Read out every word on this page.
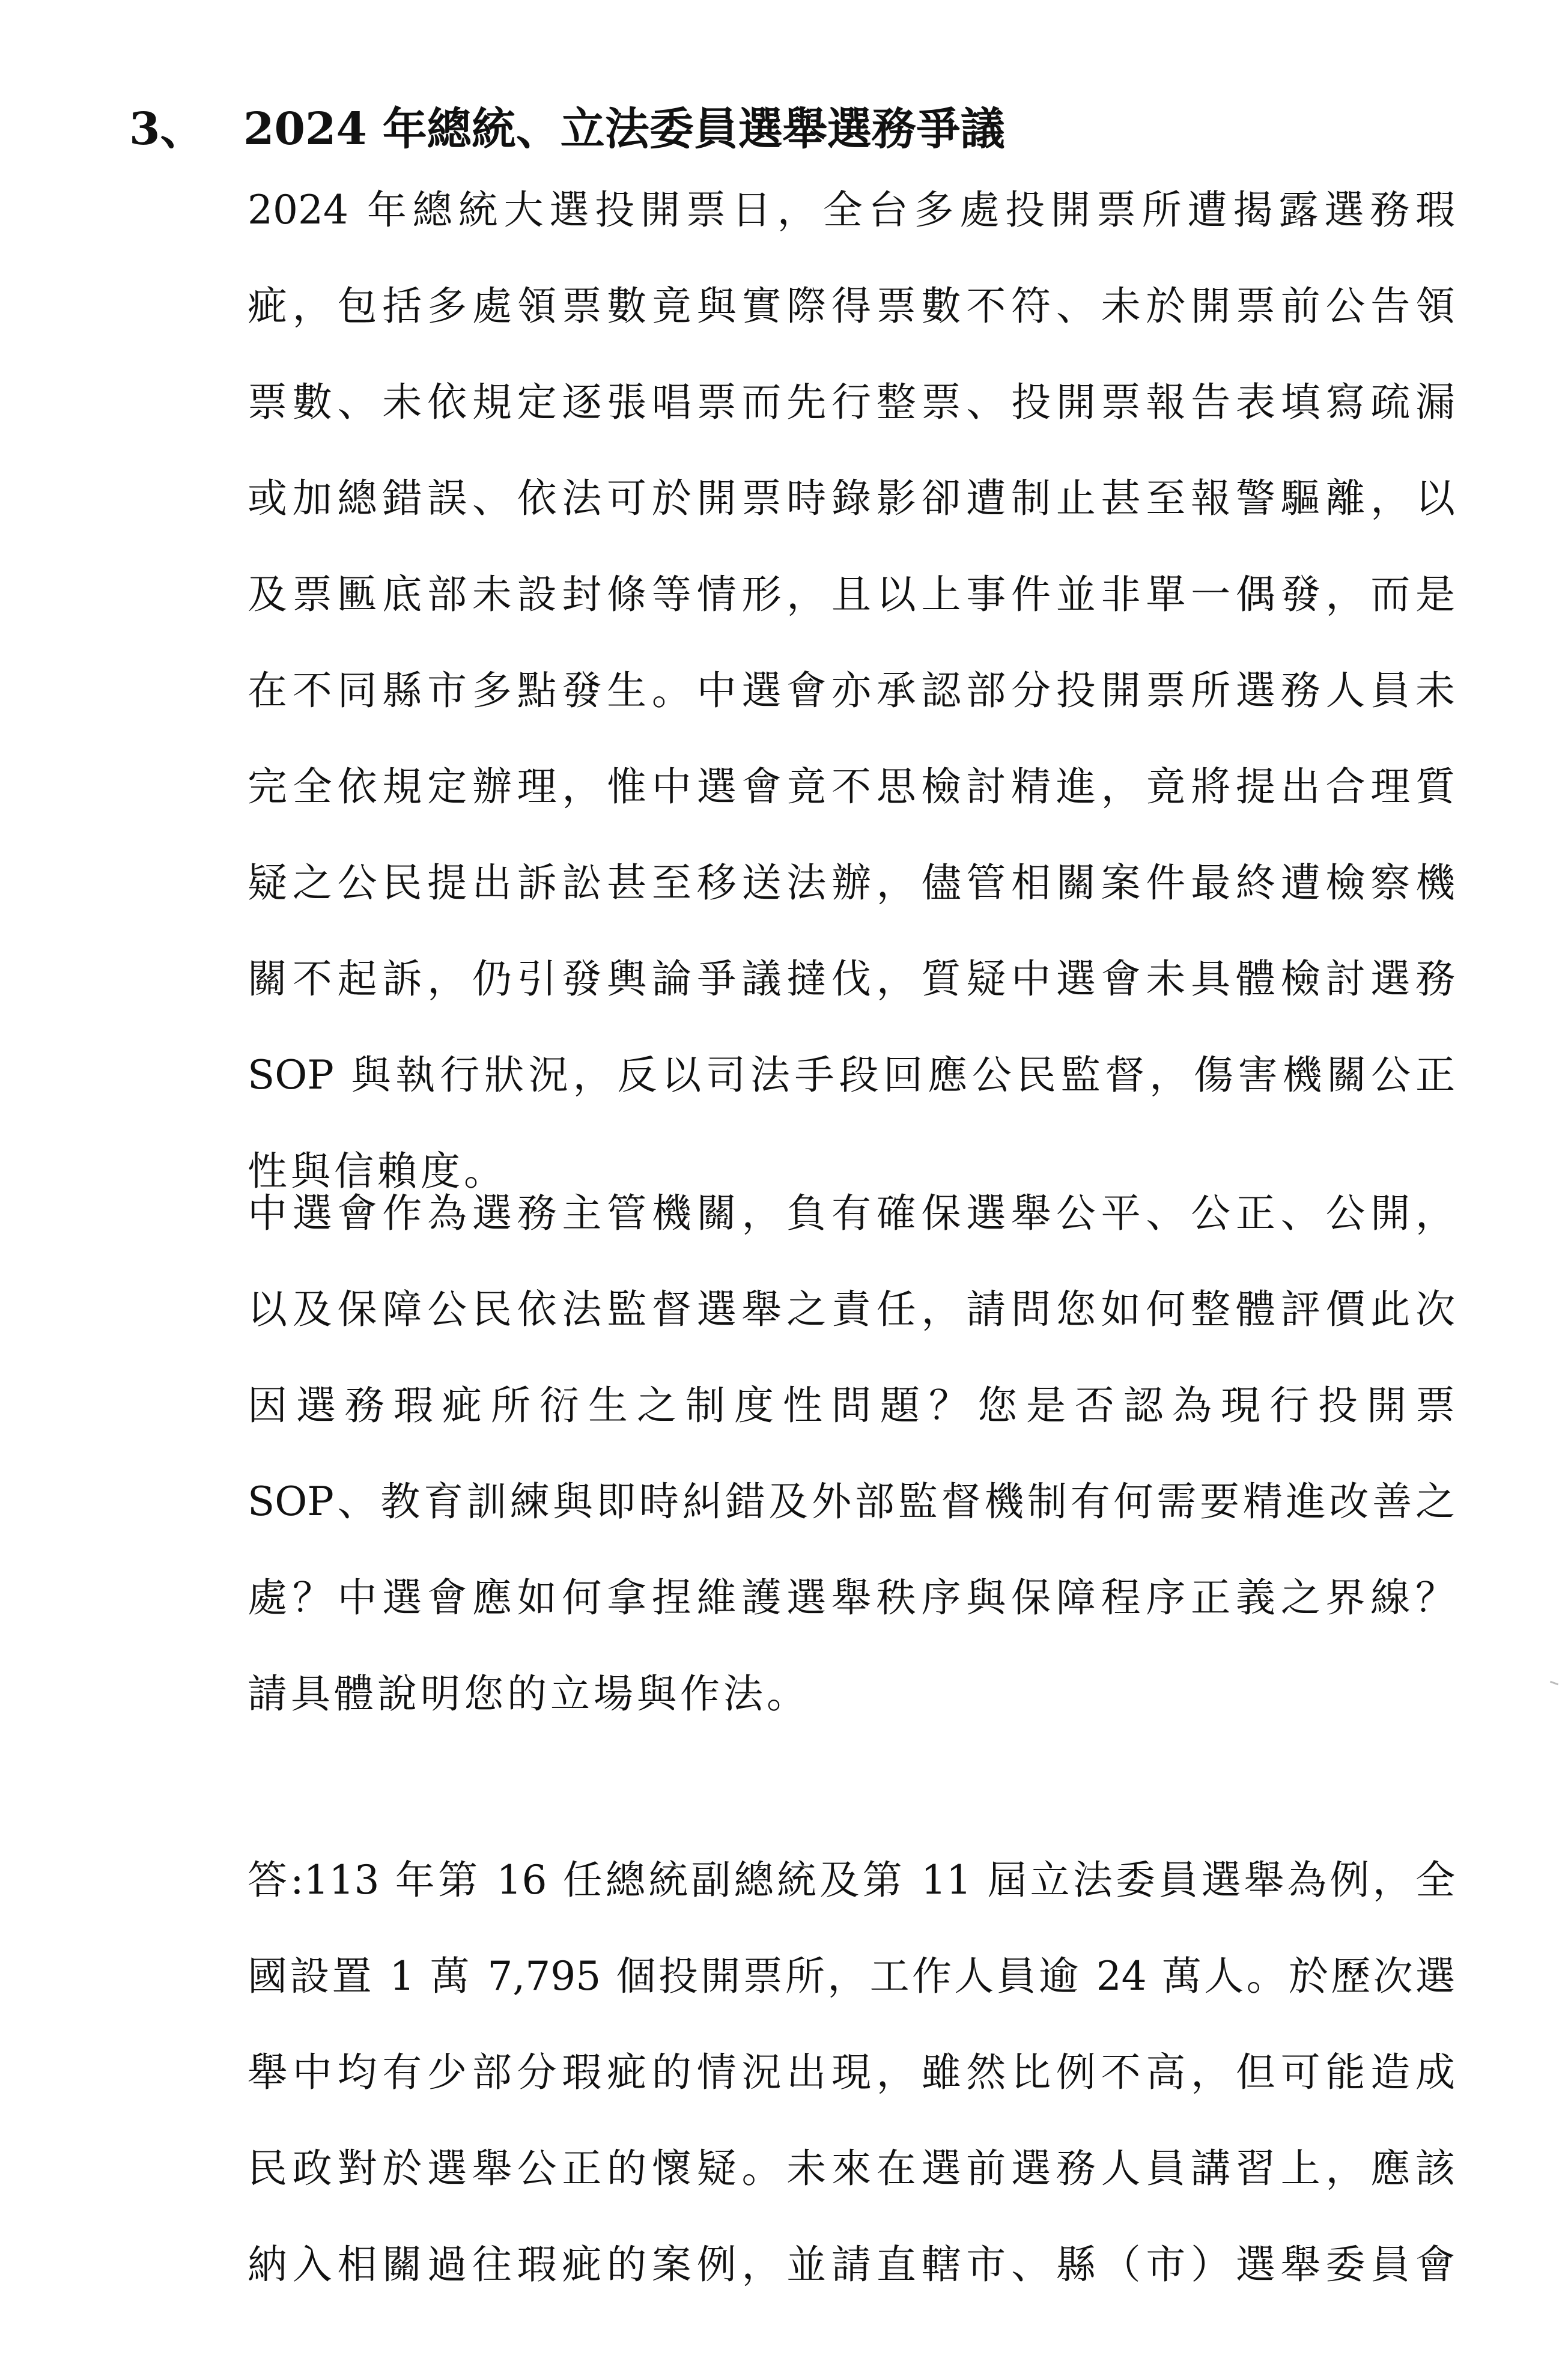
3、 2024 年總統、立法委員選舉選務爭議
2024 年總統大選投開票日，全台多處投開票所遭揭露選務瑕
疵，包括多處領票數竟與實際得票數不符、未於開票前公告領
票數、未依規定逐張唱票而先行整票、投開票報告表填寫疏漏
或加總錯誤、依法可於開票時錄影卻遭制止甚至報警驅離，以
及票匭底部未設封條等情形，且以上事件並非單一偶發，而是
在不同縣市多點發生。中選會亦承認部分投開票所選務人員未
完全依規定辦理，惟中選會竟不思檢討精進，竟將提出合理質
疑之公民提出訴訟甚至移送法辦，儘管相關案件最終遭檢察機
關不起訴，仍引發輿論爭議撻伐，質疑中選會未具體檢討選務
SOP 與執行狀況，反以司法手段回應公民監督，傷害機關公正
性與信賴度。
中選會作為選務主管機關，負有確保選舉公平、公正、公開，
以及保障公民依法監督選舉之責任，請問您如何整體評價此次
因選務瑕疵所衍生之制度性問題？您是否認為現行投開票
SOP、教育訓練與即時糾錯及外部監督機制有何需要精進改善之
處？中選會應如何拿捏維護選舉秩序與保障程序正義之界線？
請具體說明您的立場與作法。
答:113 年第 16 任總統副總統及第 11 屆立法委員選舉為例，全
國設置 1 萬 7,795 個投開票所，工作人員逾 24 萬人。於歷次選
舉中均有少部分瑕疵的情況出現，雖然比例不高，但可能造成
民政對於選舉公正的懷疑。未來在選前選務人員講習上，應該
納入相關過往瑕疵的案例，並請直轄市、縣（市）選舉委員會
